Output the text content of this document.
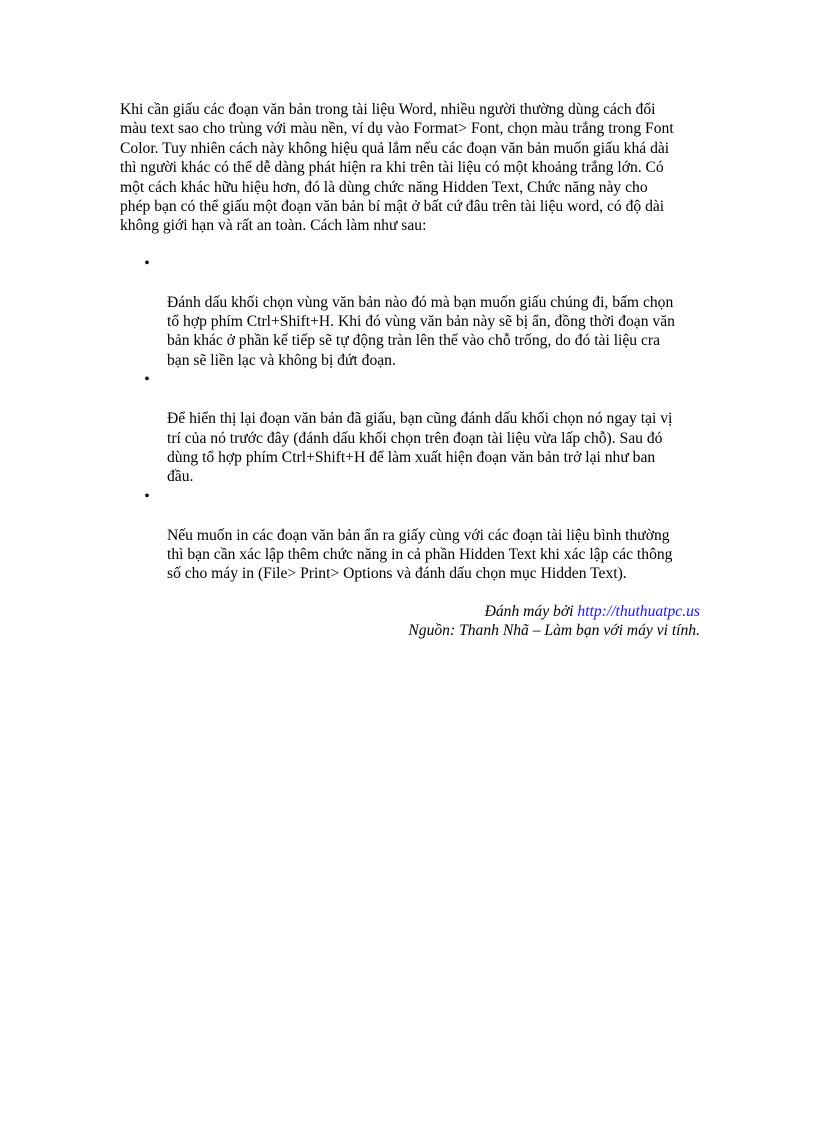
Khi cần giấu các đoạn văn bản trong tài liệu Word, nhiều người thường dùng cách đổi
màu text sao cho trùng với màu nền, ví dụ vào Format> Font, chọn màu trắng trong Font
Color. Tuy nhiên cách này không hiệu quả lắm nếu các đoạn văn bản muốn giấu khá dài
thì người khác có thể dễ dàng phát hiện ra khi trên tài liệu có một khoảng trắng lớn. Có
một cách khác hữu hiệu hơn, đó là dùng chức năng Hidden Text, Chức năng này cho
phép bạn có thể giấu một đoạn văn bản bí mật ở bất cứ đâu trên tài liệu word, có độ dài
không giới hạn và rất an toàn. Cách làm như sau:

•

Đánh dấu khối chọn vùng văn bản nào đó mà bạn muốn giấu chúng đi, bấm chọn
tổ hợp phím Ctrl+Shift+H. Khi đó vùng văn bản này sẽ bị ẩn, đồng thời đoạn văn
bản khác ở phần kế tiếp sẽ tự động tràn lên thế vào chỗ trống, do đó tài liệu cra
bạn sẽ liền lạc và không bị đứt đoạn.

•

Để hiển thị lại đoạn văn bản đã giấu, bạn cũng đánh dấu khối chọn nó ngay tại vị
trí của nó trước đây (đánh dấu khối chọn trên đoạn tài liệu vừa lấp chỗ). Sau đó
dùng tổ hợp phím Ctrl+Shift+H để làm xuất hiện đoạn văn bản trở lại như ban
đầu.

•

Nếu muốn in các đoạn văn bản ẩn ra giấy cùng với các đoạn tài liệu bình thường
thì bạn cần xác lập thêm chức năng in cả phần Hidden Text khi xác lập các thông
số cho máy in (File> Print> Options và đánh dấu chọn mục Hidden Text).

Đánh máy bởi http://thuthuatpc.us
Nguồn: Thanh Nhã – Làm bạn với máy vi tính.
